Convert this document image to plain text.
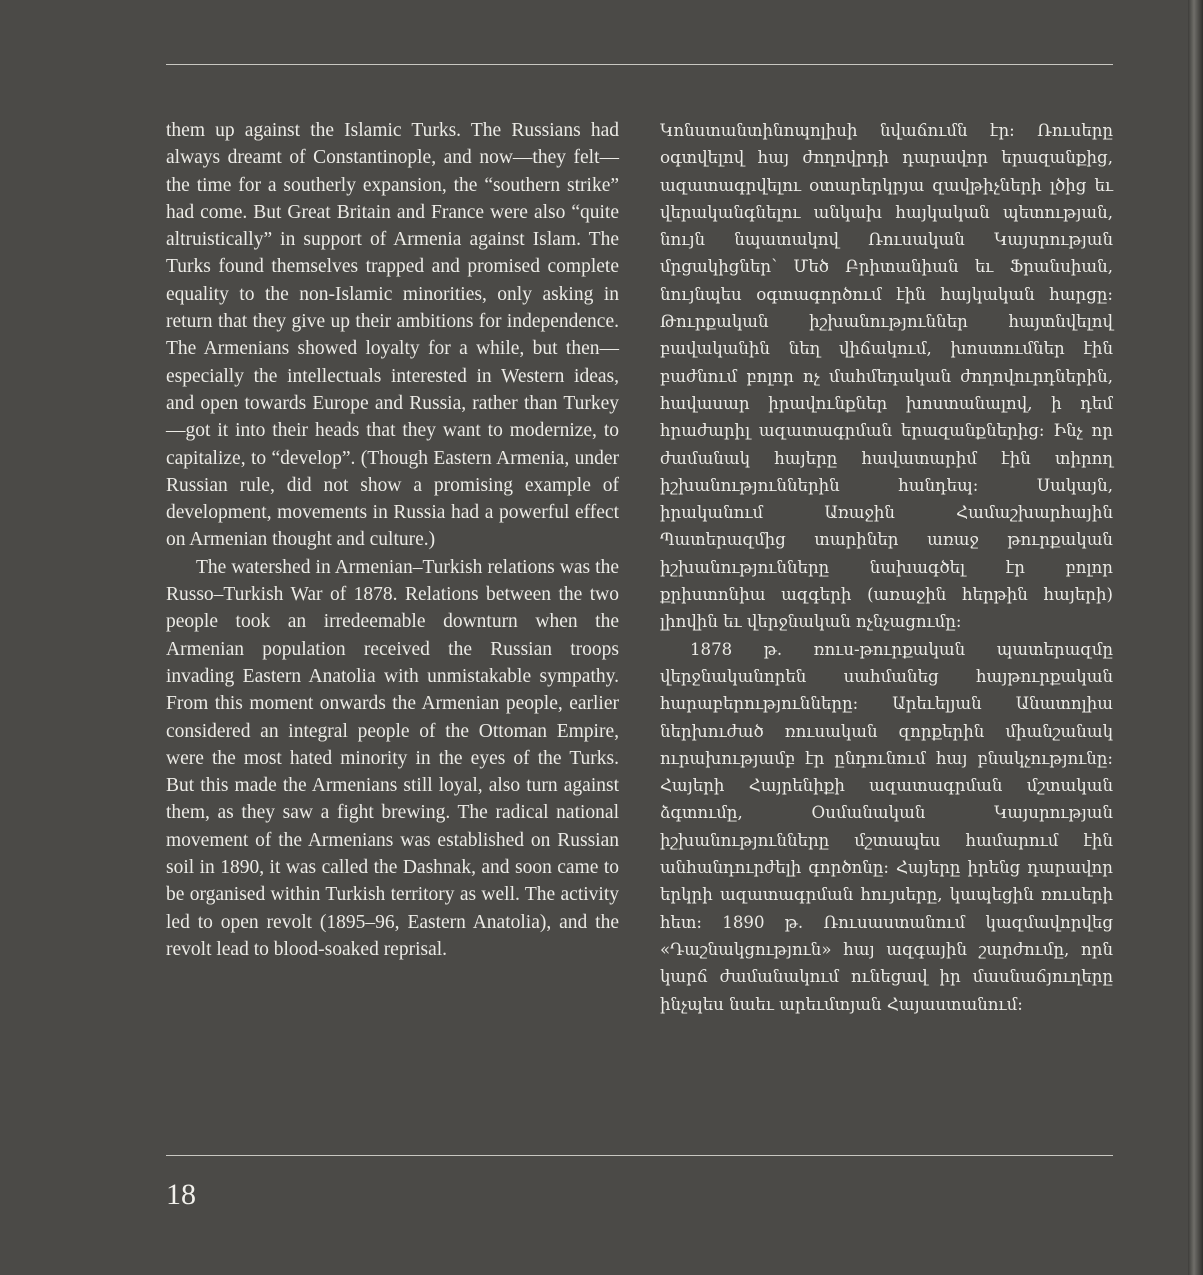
them up against the Islamic Turks. The Russians had always dreamt of Constantinople, and now—they felt—the time for a southerly expansion, the “southern strike” had come. But Great Britain and France were also “quite altruistically” in support of Armenia against Islam. The Turks found themselves trapped and promised complete equality to the non-Islamic minorities, only asking in return that they give up their ambitions for independence. The Armenians showed loyalty for a while, but then—especially the intellectuals interested in Western ideas, and open towards Europe and Russia, rather than Turkey—got it into their heads that they want to modernize, to capitalize, to “develop”. (Though Eastern Armenia, under Russian rule, did not show a promising example of development, movements in Russia had a powerful effect on Armenian thought and culture.)

The watershed in Armenian–Turkish relations was the Russo–Turkish War of 1878. Relations between the two people took an irredeemable downturn when the Armenian population received the Russian troops invading Eastern Anatolia with unmistakable sympathy. From this moment onwards the Armenian people, earlier considered an integral people of the Ottoman Empire, were the most hated minority in the eyes of the Turks. But this made the Armenians still loyal, also turn against them, as they saw a fight brewing. The radical national movement of the Armenians was established on Russian soil in 1890, it was called the Dashnak, and soon came to be organised within Turkish territory as well. The activity led to open revolt (1895–96, Eastern Anatolia), and the revolt lead to blood-soaked reprisal.

Կոնստանտինոպոլիսի նվաճումն էր: Ռուսերը օգտվելով հայ ժողովրդի դարավոր երազանքից, ազատագրվելու օտարերկրյա զավթիչների լծից եւ վերականգնելու անկախ հայկական պետության, նույն նպատակով Ռուսական Կայսրության մրցակիցներ՝ Մեծ Բրիտանիան եւ Ֆրանսիան, նույնպես օգտագործում էին հայկական հարցը: Թուրքական իշխանություններ հայտնվելով բավականին նեղ վիճակում, խոստումներ էին բաժնում բոլոր ոչ մահմեդական ժողովուրդներին, հավասար իրավունքներ խոստանալով, ի դեմ հրաժարիլ ազատագրման երազանքներից: Ինչ որ ժամանակ հայերը հավատարիմ էին տիրող իշխանություններին հանդեպ: Սակայն, իրականում Առաջին Համաշխարհային Պատերազմից տարիներ առաջ թուրքական իշխանությունները նախագծել էր բոլոր քրիստոնիա ազգերի (առաջին հերթին հայերի) լիովին եւ վերջնական ոչնչացումը:

1878 թ. ռուս-թուրքական պատերազմը վերջնականորեն սահմանեց հայթուրքական հարաբերությունները: Արեւելյան Անատոլիա ներխուժած ռուսական զորքերին միանշանակ ուրախությամբ էր ընդունում հայ բնակչությունը: Հայերի Հայրենիքի ազատագրման մշտական ձգտումը, Օսմանական Կայսրության իշխանությունները մշտապես համարում էին անհանդուրժելի գործոնը: Հայերը իրենց դարավոր երկրի ազատագրման հույսերը, կապեցին ռուսերի հետ: 1890 թ. Ռուսաստանում կազմավորվեց «Դաշնակցություն» հայ ազգային շարժումը, որն կարճ ժամանակում ունեցավ իր մասնաճյուղերը ինչպես նաեւ արեւմտյան Հայաստանում:

18
